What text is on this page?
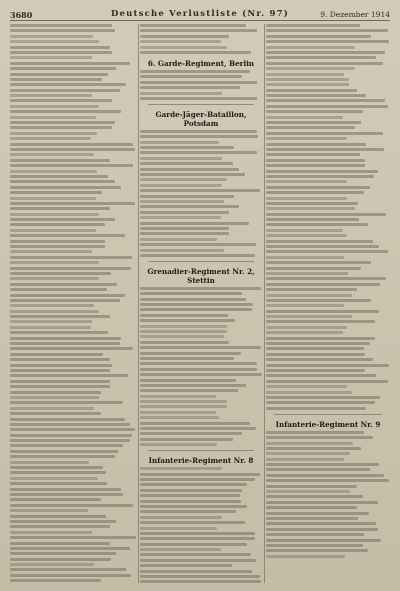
3680	Deutsche Verlustliste (Nr. 97)	9. Dezember 1914
6. Garde-Regiment, Berlin
Garde-Jäger-Bataillon, Potsdam
Grenadier-Regiment Nr. 2, Stettin
Infanterie-Regiment Nr. 8
Infanterie-Regiment Nr. 9
